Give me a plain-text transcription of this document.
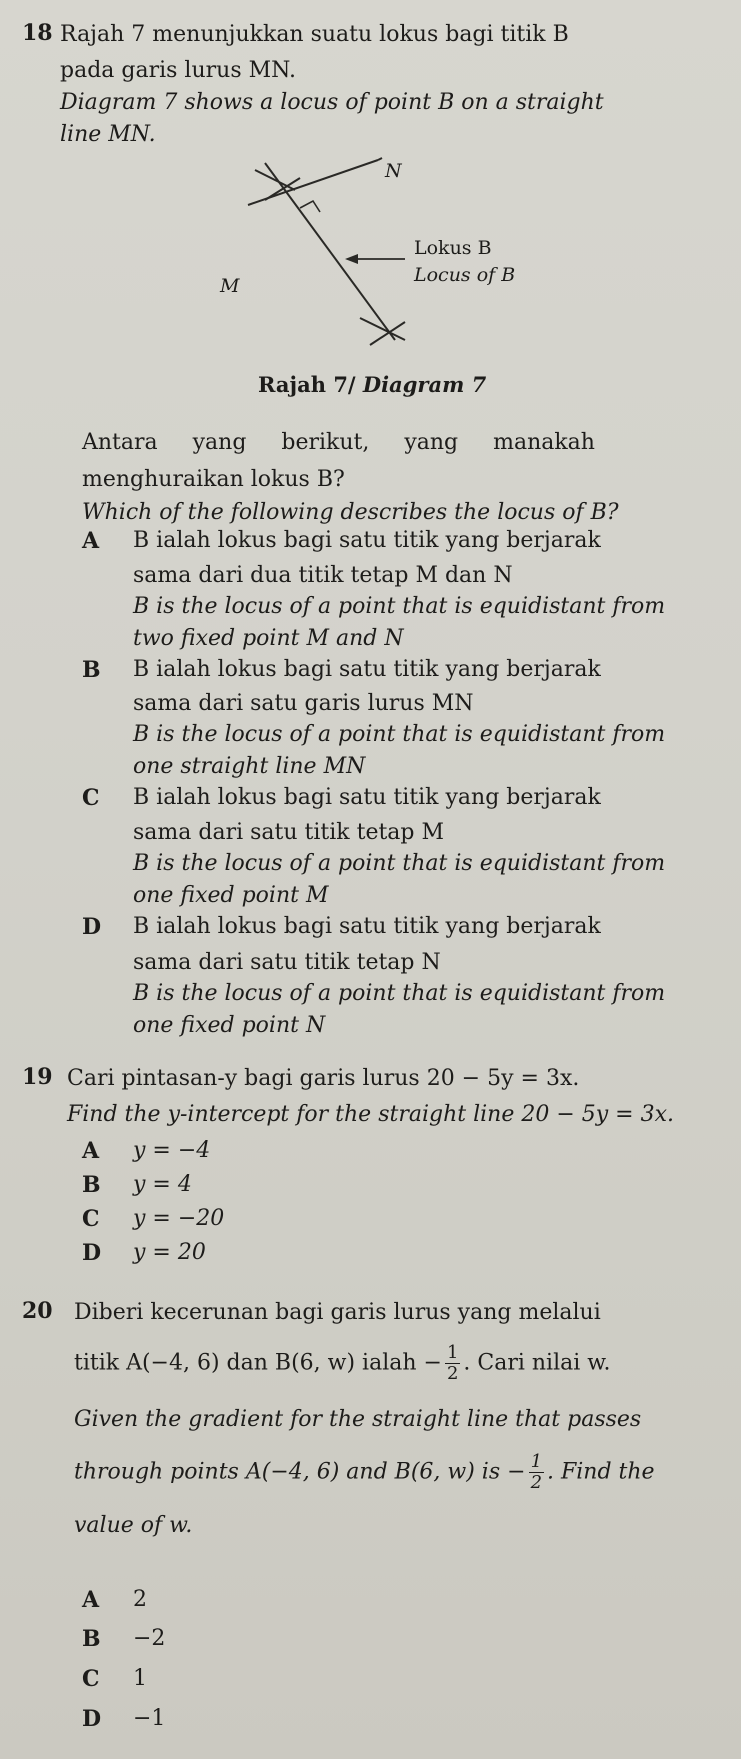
18 Rajah 7 menunjukkan suatu lokus bagi titik B
pada garis lurus MN.
Diagram 7 shows a locus of point B on a straight
line MN.
N
M
Lokus B
Locus of B
Rajah 7/ Diagram 7
Antara     yang     berikut,     yang     manakah
menghuraikan lokus B?
Which of the following describes the locus of B?
A B ialah lokus bagi satu titik yang berjarak
sama dari dua titik tetap M dan N
B is the locus of a point that is equidistant from
two fixed point M and N
B B ialah lokus bagi satu titik yang berjarak
sama dari satu garis lurus MN
B is the locus of a point that is equidistant from
one straight line MN
C B ialah lokus bagi satu titik yang berjarak
sama dari satu titik tetap M
B is the locus of a point that is equidistant from
one fixed point M
D B ialah lokus bagi satu titik yang berjarak
sama dari satu titik tetap N
B is the locus of a point that is equidistant from
one fixed point N
19 Cari pintasan-y bagi garis lurus 20 − 5y = 3x.
Find the y-intercept for the straight line 20 − 5y = 3x.
A y = −4
B y = 4
C y = −20
D y = 20
20 Diberi kecerunan bagi garis lurus yang melalui
titik A(−4, 6) dan B(6, w) ialah − $\frac{1}{2}$ . Cari nilai w.
Given the gradient for the straight line that passes
through points A(−4, 6) and B(6, w) is − $\frac{1}{2}$ . Find the
value of w.
A 2
B −2
C 1
D −1
